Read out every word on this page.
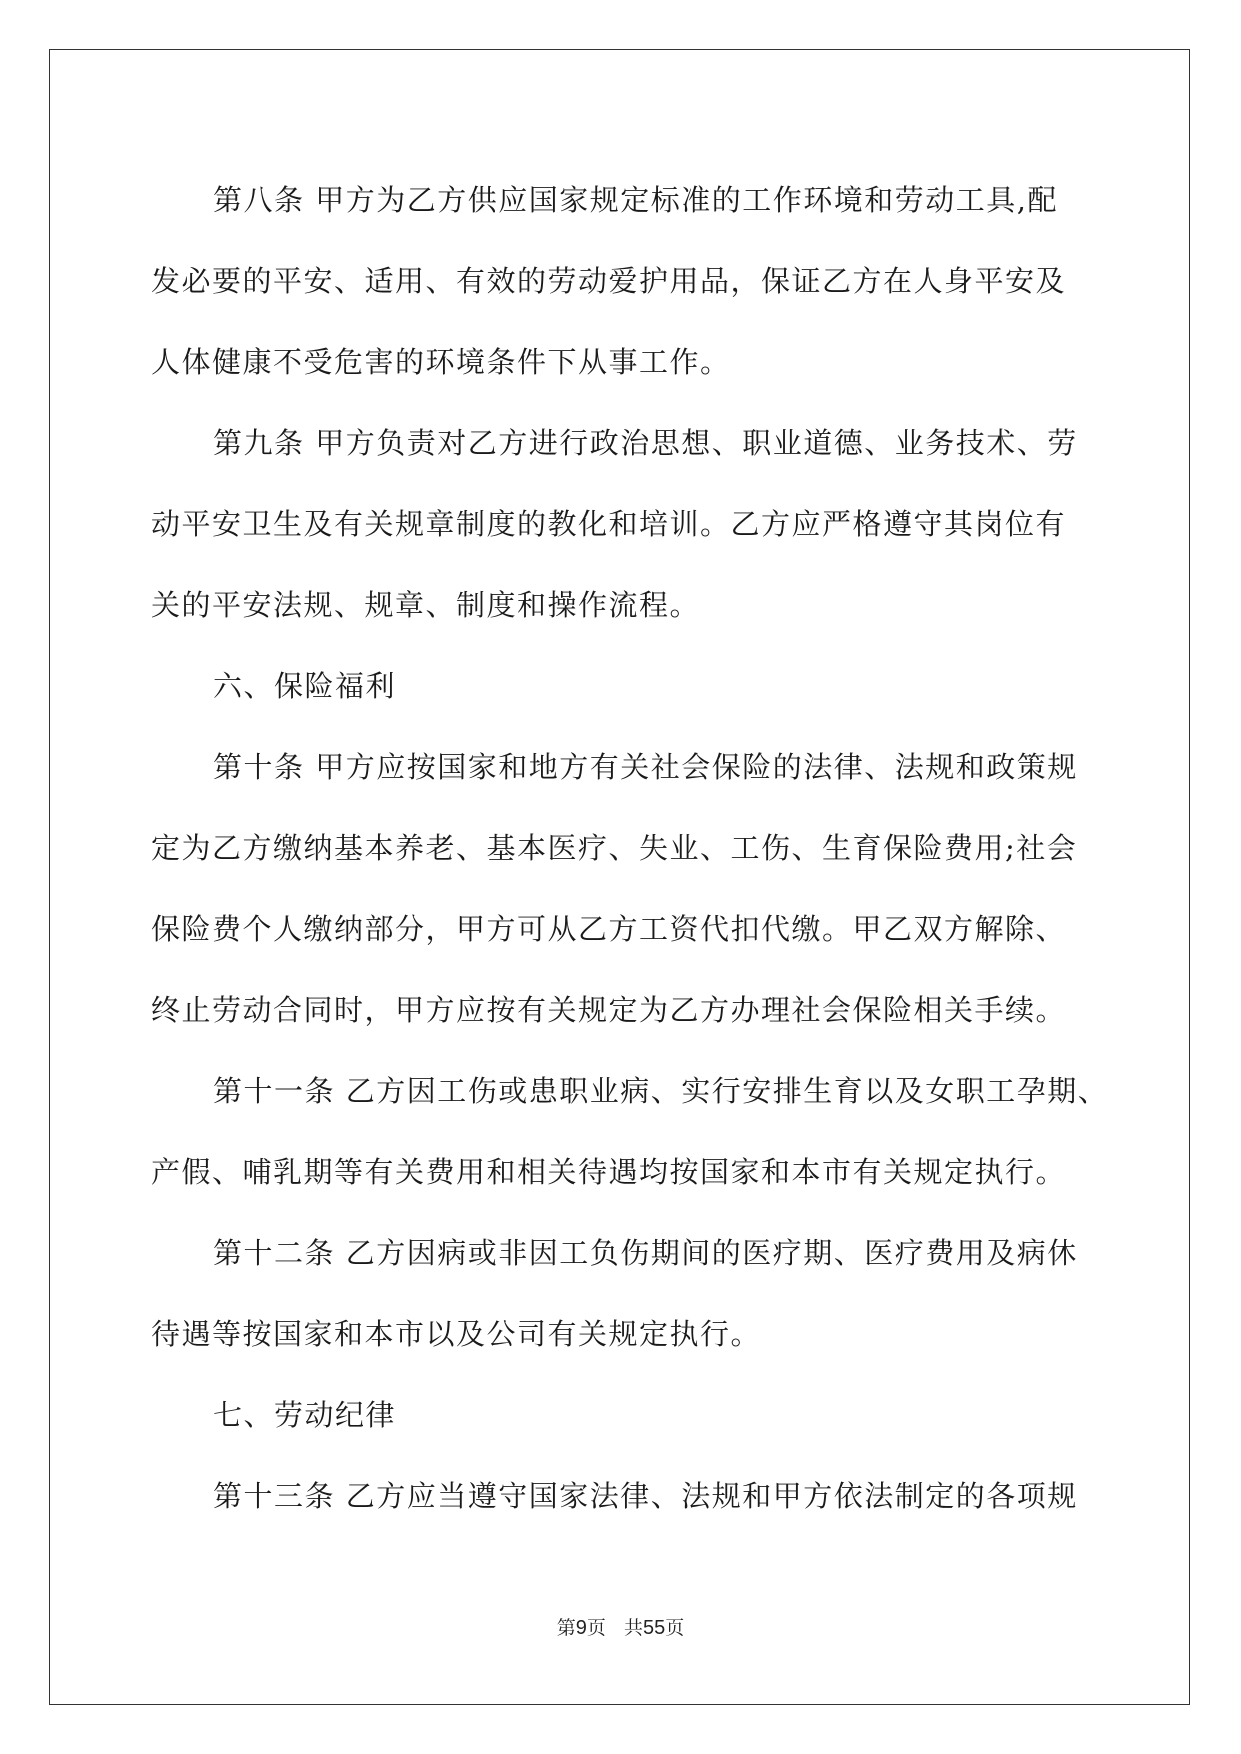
第八条 甲方为乙方供应国家规定标准的工作环境和劳动工具,配
发必要的平安、适用、有效的劳动爱护用品，保证乙方在人身平安及
人体健康不受危害的环境条件下从事工作。
第九条 甲方负责对乙方进行政治思想、职业道德、业务技术、劳
动平安卫生及有关规章制度的教化和培训。乙方应严格遵守其岗位有
关的平安法规、规章、制度和操作流程。
六、保险福利
第十条 甲方应按国家和地方有关社会保险的法律、法规和政策规
定为乙方缴纳基本养老、基本医疗、失业、工伤、生育保险费用;社会
保险费个人缴纳部分，甲方可从乙方工资代扣代缴。甲乙双方解除、
终止劳动合同时，甲方应按有关规定为乙方办理社会保险相关手续。
第十一条 乙方因工伤或患职业病、实行安排生育以及女职工孕期、
产假、哺乳期等有关费用和相关待遇均按国家和本市有关规定执行。
第十二条 乙方因病或非因工负伤期间的医疗期、医疗费用及病休
待遇等按国家和本市以及公司有关规定执行。
七、劳动纪律
第十三条 乙方应当遵守国家法律、法规和甲方依法制定的各项规
第9页 共55页
